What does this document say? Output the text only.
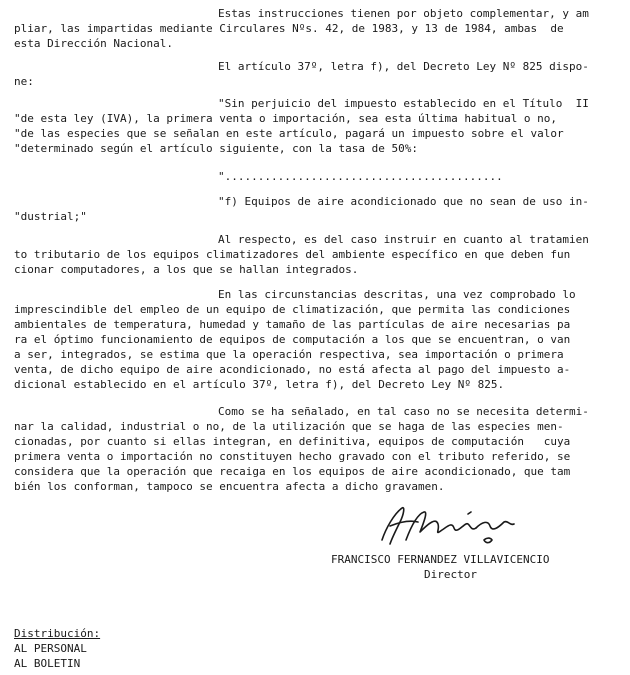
Estas instrucciones tienen por objeto complementar, y am
pliar, las impartidas mediante Circulares Nºs. 42, de 1983, y 13 de 1984, ambas  de
esta Dirección Nacional.
El artículo 37º, letra f), del Decreto Ley Nº 825 dispo-
ne:
"Sin perjuicio del impuesto establecido en el Título  II
"de esta ley (IVA), la primera venta o importación, sea esta última habitual o no,
"de las especies que se señalan en este artículo, pagará un impuesto sobre el valor
"determinado según el artículo siguiente, con la tasa de 50%:
"..........................................
"f) Equipos de aire acondicionado que no sean de uso in-
"dustrial;"
Al respecto, es del caso instruir en cuanto al tratamien
to tributario de los equipos climatizadores del ambiente específico en que deben fun
cionar computadores, a los que se hallan integrados.
En las circunstancias descritas, una vez comprobado lo
imprescindible del empleo de un equipo de climatización, que permita las condiciones
ambientales de temperatura, humedad y tamaño de las partículas de aire necesarias pa
ra el óptimo funcionamiento de equipos de computación a los que se encuentran, o van
a ser, integrados, se estima que la operación respectiva, sea importación o primera
venta, de dicho equipo de aire acondicionado, no está afecta al pago del impuesto a-
dicional establecido en el artículo 37º, letra f), del Decreto Ley Nº 825.
Como se ha señalado, en tal caso no se necesita determi-
nar la calidad, industrial o no, de la utilización que se haga de las especies men-
cionadas, por cuanto si ellas integran, en definitiva, equipos de computación   cuya
primera venta o importación no constituyen hecho gravado con el tributo referido, se
considera que la operación que recaiga en los equipos de aire acondicionado, que tam
bién los conforman, tampoco se encuentra afecta a dicho gravamen.
FRANCISCO FERNANDEZ VILLAVICENCIO
Director
Distribución:
AL PERSONAL
AL BOLETIN
